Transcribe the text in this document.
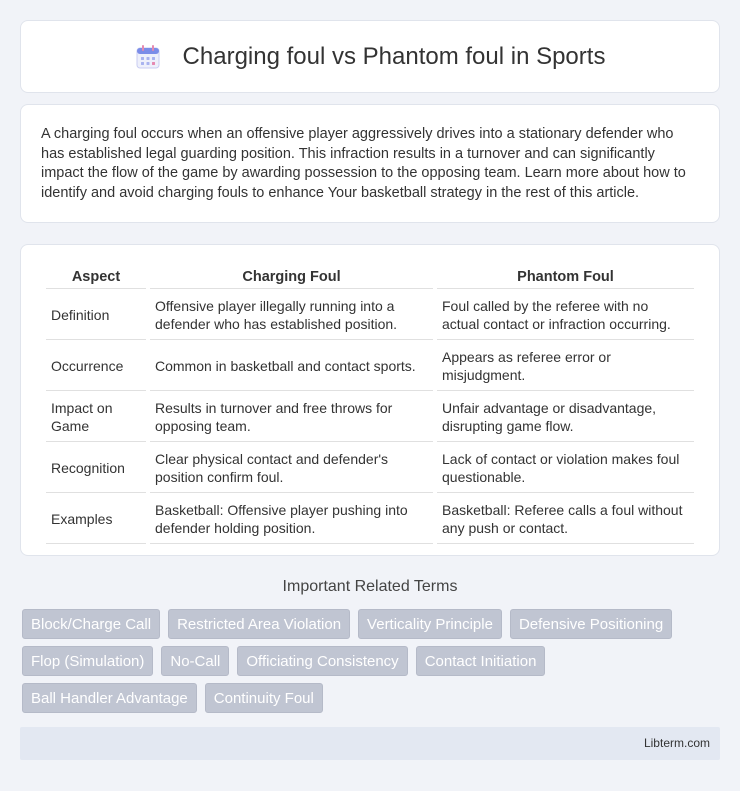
Charging foul vs Phantom foul in Sports

A charging foul occurs when an offensive player aggressively drives into a stationary defender who has established legal guarding position. This infraction results in a turnover and can significantly impact the flow of the game by awarding possession to the opposing team. Learn more about how to identify and avoid charging fouls to enhance Your basketball strategy in the rest of this article.

Aspect	Charging Foul	Phantom Foul
Definition	Offensive player illegally running into a defender who has established position.	Foul called by the referee with no actual contact or infraction occurring.
Occurrence	Common in basketball and contact sports.	Appears as referee error or misjudgment.
Impact on Game	Results in turnover and free throws for opposing team.	Unfair advantage or disadvantage, disrupting game flow.
Recognition	Clear physical contact and defender's position confirm foul.	Lack of contact or violation makes foul questionable.
Examples	Basketball: Offensive player pushing into defender holding position.	Basketball: Referee calls a foul without any push or contact.
Important Related Terms
Block/Charge Call	Restricted Area Violation	Verticality Principle	Defensive Positioning
Flop (Simulation)	No-Call	Officiating Consistency	Contact Initiation
Ball Handler Advantage	Continuity Foul
Libterm.com
